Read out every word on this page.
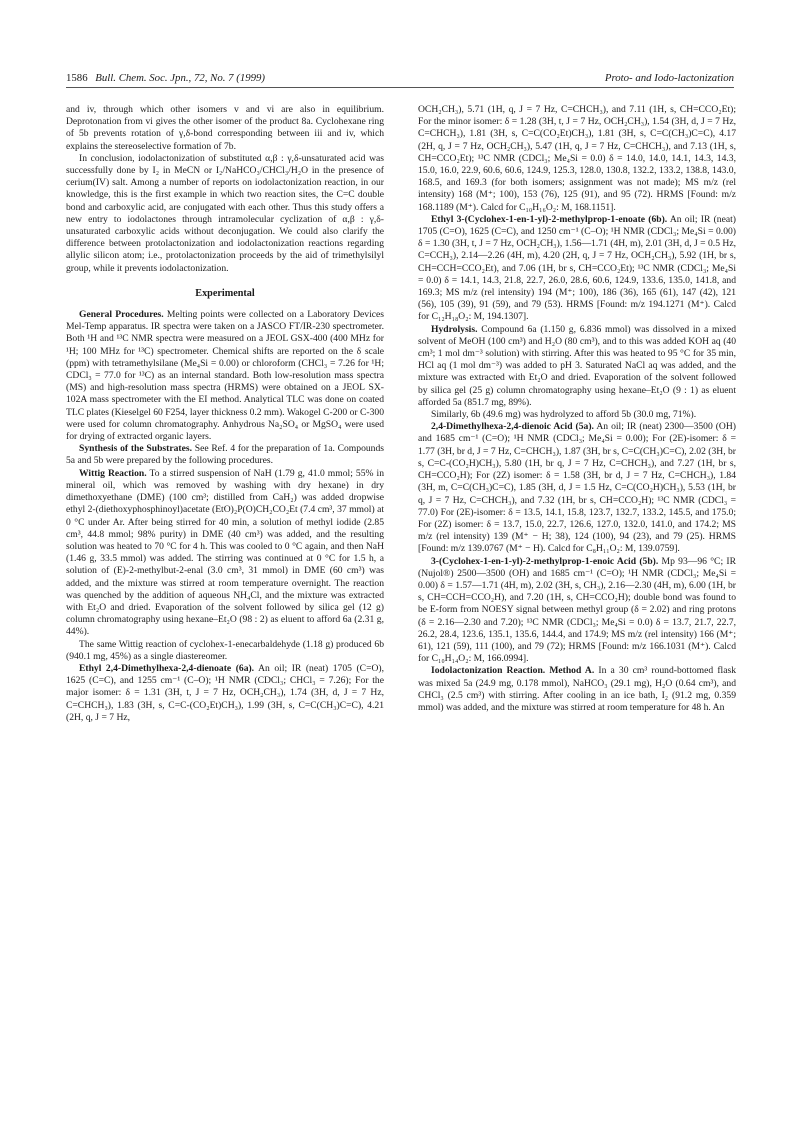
1586 Bull. Chem. Soc. Jpn., 72, No. 7 (1999)	Proto- and Iodo-lactonization

and iv, through which other isomers v and vi are also in equilibrium. Deprotonation from vi gives the other isomer of the product 8a. Cyclohexane ring of 5b prevents rotation of γ,δ-bond corresponding between iii and iv, which explains the stereoselective formation of 7b.

In conclusion, iodolactonization of substituted α,β : γ,δ-unsaturated acid was successfully done by I₂ in MeCN or I₂/NaHCO₃/CHCl₃/H₂O in the presence of cerium(IV) salt. Among a number of reports on iodolactonization reaction, in our knowledge, this is the first example in which two reaction sites, the C=C double bond and carboxylic acid, are conjugated with each other. Thus this study offers a new entry to iodolactones through intramolecular cyclization of α,β : γ,δ-unsaturated carboxylic acids without deconjugation. We could also clarify the difference between protolactonization and iodolactonization reactions regarding allylic silicon atom; i.e., protolactonization proceeds by the aid of trimethylsilyl group, while it prevents iodolactonization.

Experimental

General Procedures. Melting points were collected on a Laboratory Devices Mel-Temp apparatus. IR spectra were taken on a JASCO FT/IR-230 spectrometer. Both ¹H and ¹³C NMR spectra were measured on a JEOL GSX-400 (400 MHz for ¹H; 100 MHz for ¹³C) spectrometer. Chemical shifts are reported on the δ scale (ppm) with tetramethylsilane (Me₄Si = 0.00) or chloroform (CHCl₃ = 7.26 for ¹H; CDCl₃ = 77.0 for ¹³C) as an internal standard. Both low-resolution mass spectra (MS) and high-resolution mass spectra (HRMS) were obtained on a JEOL SX-102A mass spectrometer with the EI method. Analytical TLC was done on coated TLC plates (Kieselgel 60 F254, layer thickness 0.2 mm). Wakogel C-200 or C-300 were used for column chromatography. Anhydrous Na₂SO₄ or MgSO₄ were used for drying of extracted organic layers.

Synthesis of the Substrates. See Ref. 4 for the preparation of 1a. Compounds 5a and 5b were prepared by the following procedures.

Wittig Reaction. To a stirred suspension of NaH (1.79 g, 41.0 mmol; 55% in mineral oil, which was removed by washing with dry hexane) in dry dimethoxyethane (DME) (100 cm³; distilled from CaH₂) was added dropwise ethyl 2-(diethoxyphosphinoyl)acetate (EtO)₂P(O)CH₂CO₂Et (7.4 cm³, 37 mmol) at 0 °C under Ar. After being stirred for 40 min, a solution of methyl iodide (2.85 cm³, 44.8 mmol; 98% purity) in DME (40 cm³) was added, and the resulting solution was heated to 70 °C for 4 h. This was cooled to 0 °C again, and then NaH (1.46 g, 33.5 mmol) was added. The stirring was continued at 0 °C for 1.5 h, a solution of (E)-2-methylbut-2-enal (3.0 cm³, 31 mmol) in DME (60 cm³) was added, and the mixture was stirred at room temperature overnight. The reaction was quenched by the addition of aqueous NH₄Cl, and the mixture was extracted with Et₂O and dried. Evaporation of the solvent followed by silica gel (12 g) column chromatography using hexane–Et₂O (98 : 2) as eluent to afford 6a (2.31 g, 44%).

The same Wittig reaction of cyclohex-1-enecarbaldehyde (1.18 g) produced 6b (940.1 mg, 45%) as a single diastereomer.

Ethyl 2,4-Dimethylhexa-2,4-dienoate (6a). An oil; IR (neat) 1705 (C=O), 1625 (C=C), and 1255 cm⁻¹ (C–O); ¹H NMR (CDCl₃; CHCl₃ = 7.26); For the major isomer: δ = 1.31 (3H, t, J = 7 Hz, OCH₂CH₃), 1.74 (3H, d, J = 7 Hz, C=CHCH₃), 1.83 (3H, s, C=C-(CO₂Et)CH₃), 1.99 (3H, s, C=C(CH₃)C=C), 4.21 (2H, q, J = 7 Hz,

OCH₂CH₃), 5.71 (1H, q, J = 7 Hz, C=CHCH₃), and 7.11 (1H, s, CH=CCO₂Et); For the minor isomer: δ = 1.28 (3H, t, J = 7 Hz, OCH₂CH₃), 1.54 (3H, d, J = 7 Hz, C=CHCH₃), 1.81 (3H, s, C=C(CO₂Et)CH₃), 1.81 (3H, s, C=C(CH₃)C=C), 4.17 (2H, q, J = 7 Hz, OCH₂CH₃), 5.47 (1H, q, J = 7 Hz, C=CHCH₃), and 7.13 (1H, s, CH=CCO₂Et); ¹³C NMR (CDCl₃; Me₄Si = 0.0) δ = 14.0, 14.0, 14.1, 14.3, 14.3, 15.0, 16.0, 22.9, 60.6, 60.6, 124.9, 125.3, 128.0, 130.8, 132.2, 133.2, 138.8, 143.0, 168.5, and 169.3 (for both isomers; assignment was not made); MS m/z (rel intensity) 168 (M⁺; 100), 153 (76), 125 (91), and 95 (72). HRMS [Found: m/z 168.1189 (M⁺). Calcd for C₁₀H₁₆O₂: M, 168.1151].

Ethyl 3-(Cyclohex-1-en-1-yl)-2-methylprop-1-enoate (6b). An oil; IR (neat) 1705 (C=O), 1625 (C=C), and 1250 cm⁻¹ (C–O); ¹H NMR (CDCl₃; Me₄Si = 0.00) δ = 1.30 (3H, t, J = 7 Hz, OCH₂CH₃), 1.56—1.71 (4H, m), 2.01 (3H, d, J = 0.5 Hz, C=CCH₃), 2.14—2.26 (4H, m), 4.20 (2H, q, J = 7 Hz, OCH₂CH₃), 5.92 (1H, br s, CH=CCH=CCO₂Et), and 7.06 (1H, br s, CH=CCO₂Et); ¹³C NMR (CDCl₃; Me₄Si = 0.0) δ = 14.1, 14.3, 21.8, 22.7, 26.0, 28.6, 60.6, 124.9, 133.6, 135.0, 141.8, and 169.3; MS m/z (rel intensity) 194 (M⁺; 100), 186 (36), 165 (61), 147 (42), 121 (56), 105 (39), 91 (59), and 79 (53). HRMS [Found: m/z 194.1271 (M⁺). Calcd for C₁₂H₁₈O₂: M, 194.1307].

Hydrolysis. Compound 6a (1.150 g, 6.836 mmol) was dissolved in a mixed solvent of MeOH (100 cm³) and H₂O (80 cm³), and to this was added KOH aq (40 cm³; 1 mol dm⁻³ solution) with stirring. After this was heated to 95 °C for 35 min, HCl aq (1 mol dm⁻³) was added to pH 3. Saturated NaCl aq was added, and the mixture was extracted with Et₂O and dried. Evaporation of the solvent followed by silica gel (25 g) column chromatography using hexane–Et₂O (9 : 1) as eluent afforded 5a (851.7 mg, 89%).

Similarly, 6b (49.6 mg) was hydrolyzed to afford 5b (30.0 mg, 71%).

2,4-Dimethylhexa-2,4-dienoic Acid (5a). An oil; IR (neat) 2300—3500 (OH) and 1685 cm⁻¹ (C=O); ¹H NMR (CDCl₃; Me₄Si = 0.00); For (2E)-isomer: δ = 1.77 (3H, br d, J = 7 Hz, C=CHCH₃), 1.87 (3H, br s, C=C(CH₃)C=C), 2.02 (3H, br s, C=C-(CO₂H)CH₃), 5.80 (1H, br q, J = 7 Hz, C=CHCH₃), and 7.27 (1H, br s, CH=CCO₂H); For (2Z) isomer: δ = 1.58 (3H, br d, J = 7 Hz, C=CHCH₃), 1.84 (3H, m, C=C(CH₃)C=C), 1.85 (3H, d, J = 1.5 Hz, C=C(CO₂H)CH₃), 5.53 (1H, br q, J = 7 Hz, C=CHCH₃), and 7.32 (1H, br s, CH=CCO₂H); ¹³C NMR (CDCl₃ = 77.0) For (2E)-isomer: δ = 13.5, 14.1, 15.8, 123.7, 132.7, 133.2, 145.5, and 175.0; For (2Z) isomer: δ = 13.7, 15.0, 22.7, 126.6, 127.0, 132.0, 141.0, and 174.2; MS m/z (rel intensity) 139 (M⁺ − H; 38), 124 (100), 94 (23), and 79 (25). HRMS [Found: m/z 139.0767 (M⁺ − H). Calcd for C₈H₁₁O₂: M, 139.0759].

3-(Cyclohex-1-en-1-yl)-2-methylprop-1-enoic Acid (5b). Mp 93—96 °C; IR (Nujol®) 2500—3500 (OH) and 1685 cm⁻¹ (C=O); ¹H NMR (CDCl₃; Me₄Si = 0.00) δ = 1.57—1.71 (4H, m), 2.02 (3H, s, CH₃), 2.16—2.30 (4H, m), 6.00 (1H, br s, CH=CCH=CCO₂H), and 7.20 (1H, s, CH=CCO₂H); double bond was found to be E-form from NOESY signal between methyl group (δ = 2.02) and ring protons (δ = 2.16—2.30 and 7.20); ¹³C NMR (CDCl₃; Me₄Si = 0.0) δ = 13.7, 21.7, 22.7, 26.2, 28.4, 123.6, 135.1, 135.6, 144.4, and 174.9; MS m/z (rel intensity) 166 (M⁺; 61), 121 (59), 111 (100), and 79 (72); HRMS [Found: m/z 166.1031 (M⁺). Calcd for C₁₀H₁₄O₂: M, 166.0994].

Iodolactonization Reaction. Method A. In a 30 cm³ round-bottomed flask was mixed 5a (24.9 mg, 0.178 mmol), NaHCO₃ (29.1 mg), H₂O (0.64 cm³), and CHCl₃ (2.5 cm³) with stirring. After cooling in an ice bath, I₂ (91.2 mg, 0.359 mmol) was added, and the mixture was stirred at room temperature for 48 h. An
